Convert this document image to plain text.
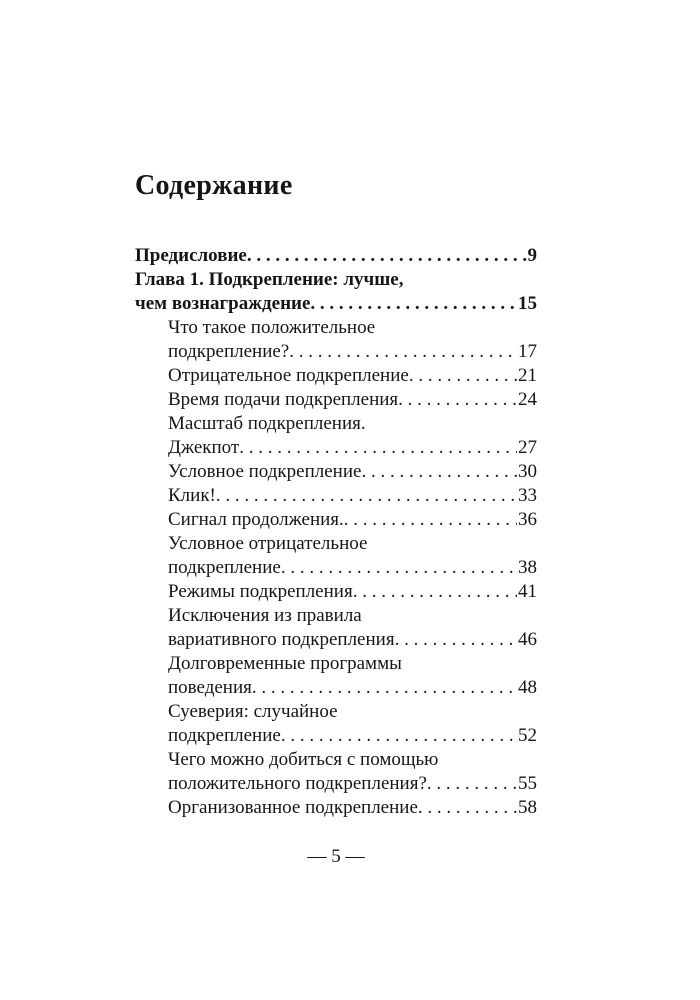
Содержание
Предисловие . . .	9
Глава 1. Подкрепление: лучше,
чем вознаграждение . . .	15
Что такое положительное
подкрепление? . . .	17
Отрицательное подкрепление . . .	21
Время подачи подкрепления . . .	24
Масштаб подкрепления.
Джекпот . . .	27
Условное подкрепление . . .	30
Клик! . . .	33
Сигнал продолжения. . . .	36
Условное отрицательное
подкрепление . . .	38
Режимы подкрепления . . .	41
Исключения из правила
вариативного подкрепления . . .	46
Долговременные программы
поведения . . .	48
Суеверия: случайное
подкрепление . . .	52
Чего можно добиться с помощью
положительного подкрепления? . . .	55
Организованное подкрепление . . .	58
— 5 —
